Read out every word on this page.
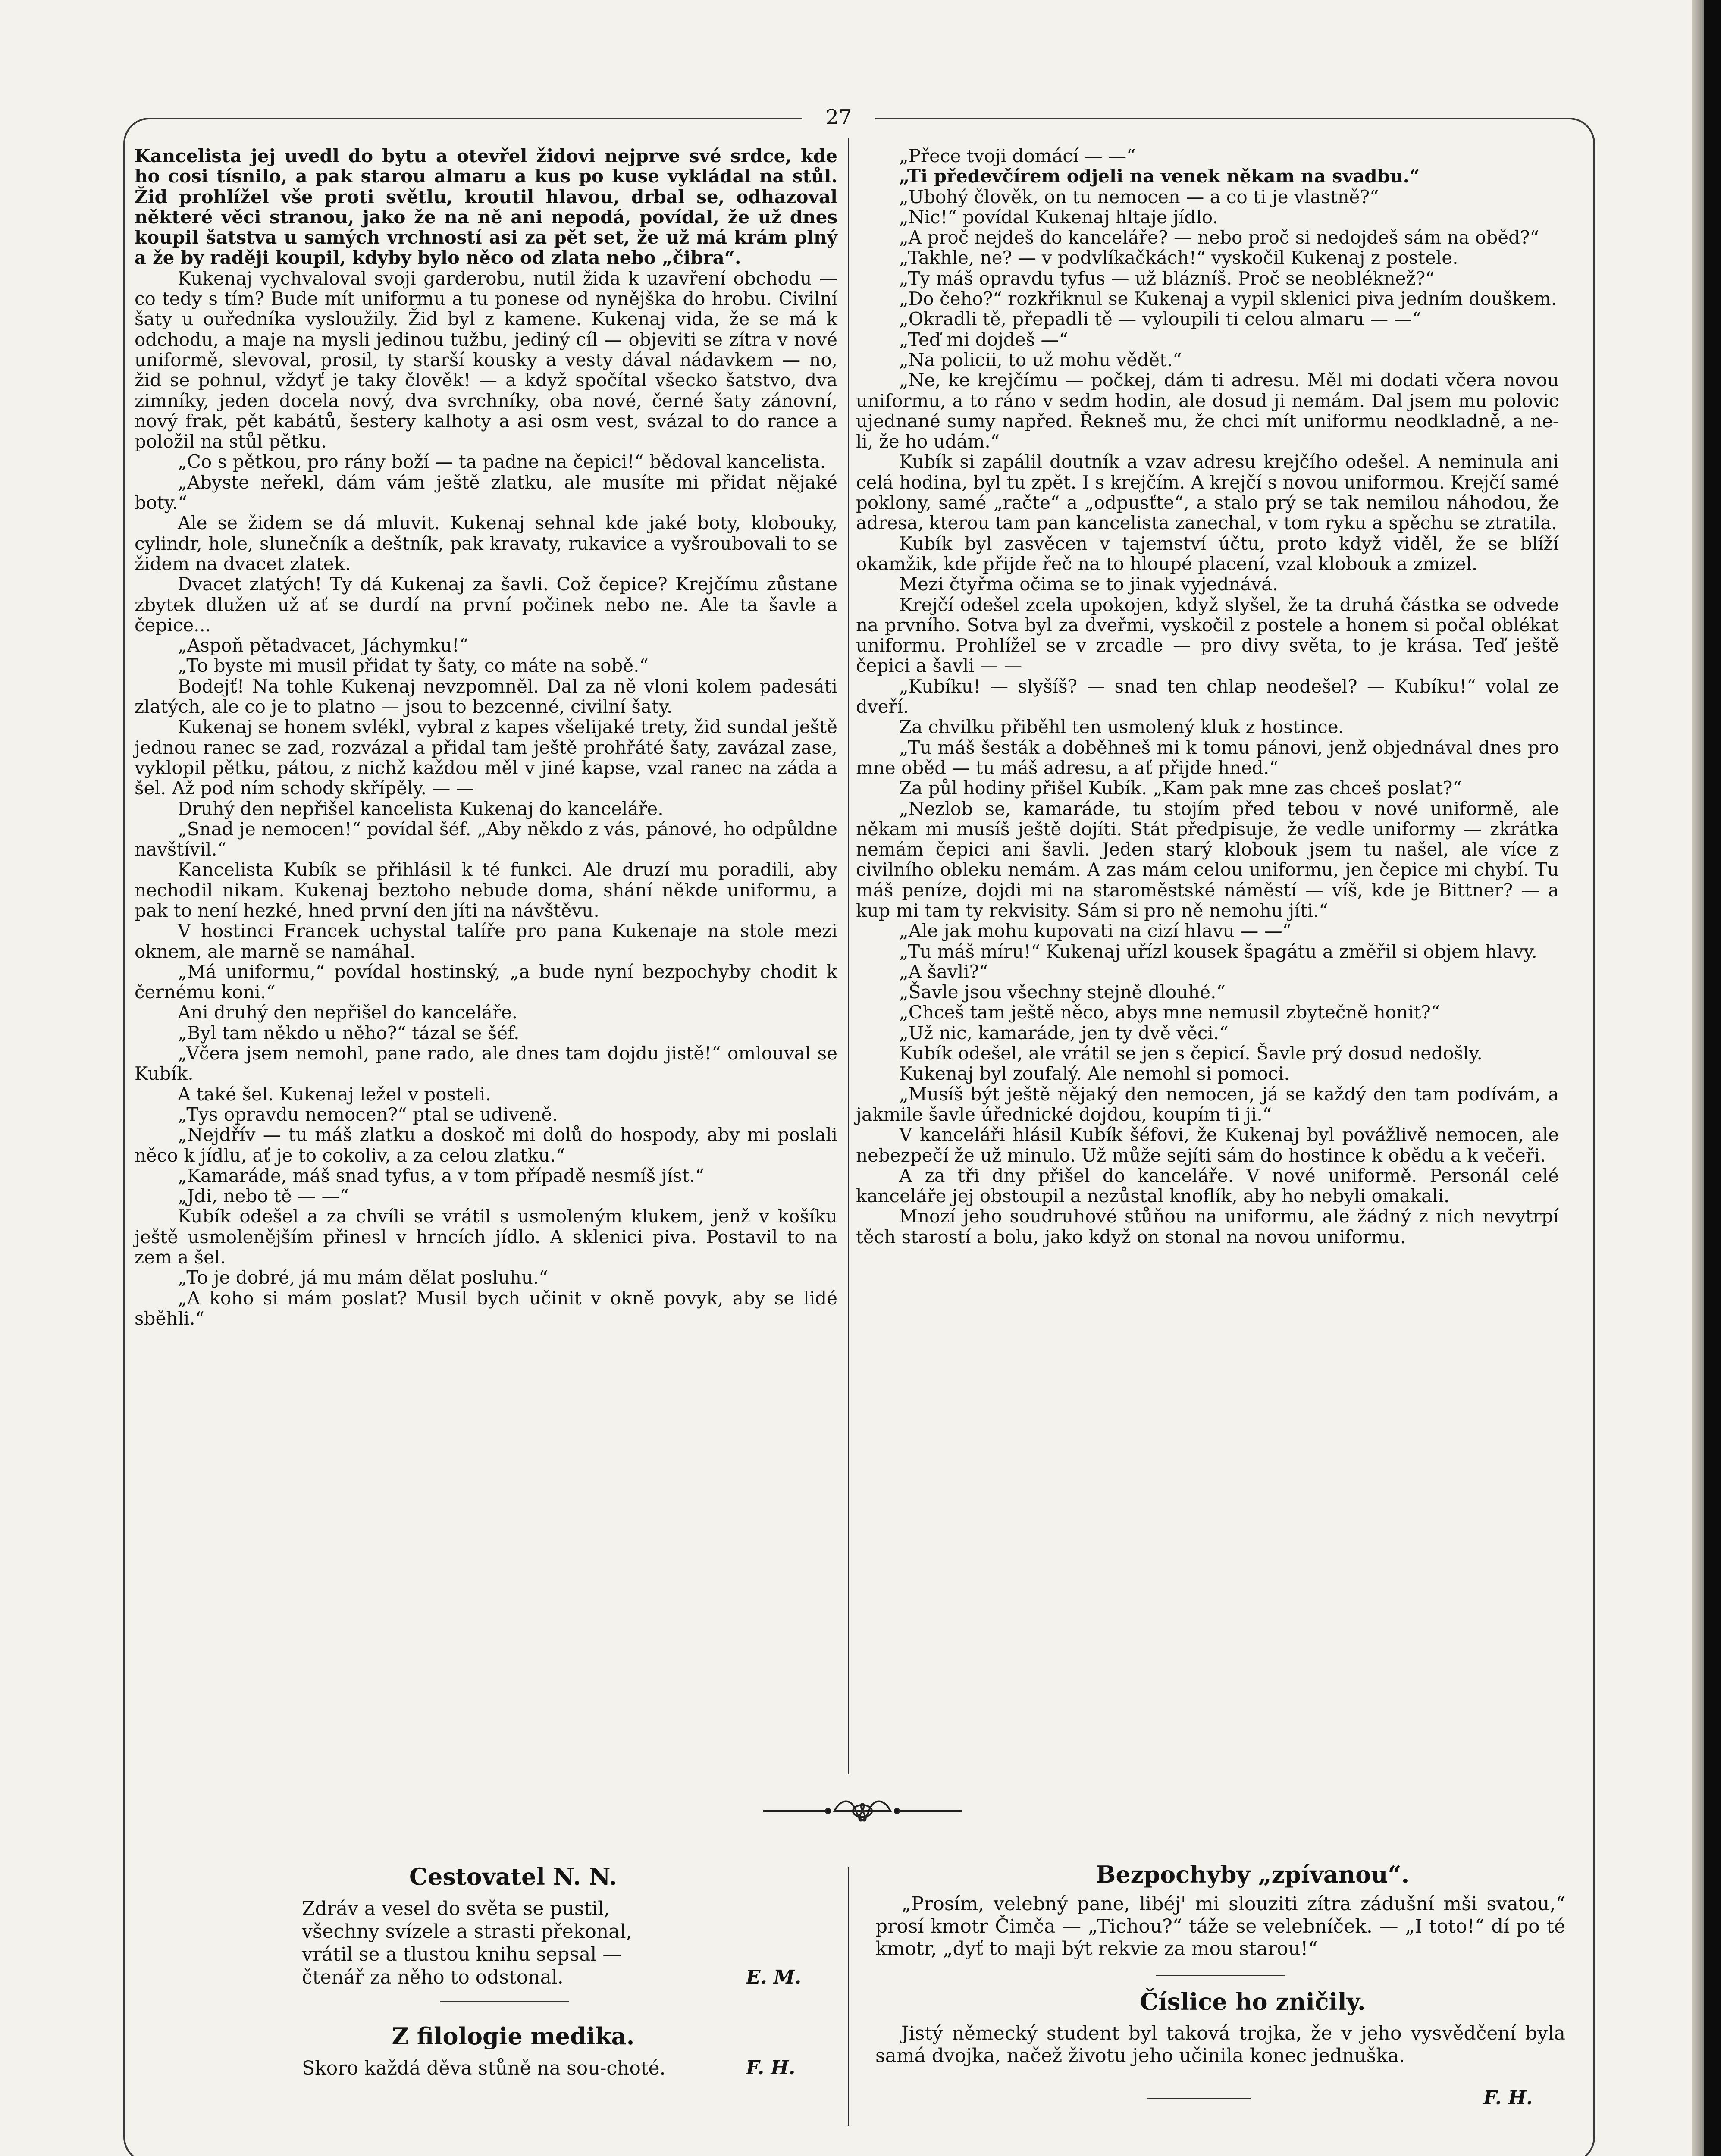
27

Kancelista jej uvedl do bytu a otevřel židovi nejprve své srdce, kde ho cosi tísnilo, a pak starou almaru a kus po kuse vykládal na stůl. Žid prohlížel vše proti světlu, kroutil hlavou, drbal se, odhazoval některé věci stranou, jako že na ně ani nepodá, povídal, že už dnes koupil šatstva u samých vrchností asi za pět set, že už má krám plný a že by raději koupil, kdyby bylo něco od zlata nebo „čibra“.

Kukenaj vychvaloval svoji garderobu, nutil žida k uzavření obchodu — co tedy s tím? Bude mít uniformu a tu ponese od nynějška do hrobu. Civilní šaty u ouředníka vysloužily. Žid byl z kamene. Kukenaj vida, že se má k odchodu, a maje na mysli jedinou tužbu, jediný cíl — objeviti se zítra v nové uniformě, slevoval, prosil, ty starší kousky a vesty dával nádavkem — no, žid se pohnul, vždyť je taky člověk! — a když spočítal všecko šatstvo, dva zimníky, jeden docela nový, dva svrchníky, oba nové, černé šaty zánovní, nový frak, pět kabátů, šestery kalhoty a asi osm vest, svázal to do rance a položil na stůl pětku.

„Co s pětkou, pro rány boží — ta padne na čepici!“ bědoval kancelista.

„Abyste neřekl, dám vám ještě zlatku, ale musíte mi přidat nějaké boty.“

Ale se židem se dá mluvit. Kukenaj sehnal kde jaké boty, klobouky, cylindr, hole, slunečník a deštník, pak kravaty, rukavice a vyšroubovali to se židem na dvacet zlatek.

Dvacet zlatých! Ty dá Kukenaj za šavli. Což čepice? Krejčímu zůstane zbytek dlužen už ať se durdí na první počinek nebo ne. Ale ta šavle a čepice...

„Aspoň pětadvacet, Jáchymku!“

„To byste mi musil přidat ty šaty, co máte na sobě.“

Bodejť! Na tohle Kukenaj nevzpomněl. Dal za ně vloni kolem padesáti zlatých, ale co je to platno — jsou to bezcenné, civilní šaty.

Kukenaj se honem svlékl, vybral z kapes všelijaké trety, žid sundal ještě jednou ranec se zad, rozvázal a přidal tam ještě prohřáté šaty, zavázal zase, vyklopil pětku, pátou, z nichž každou měl v jiné kapse, vzal ranec na záda a šel. Až pod ním schody skřípěly. — —

Druhý den nepřišel kancelista Kukenaj do kanceláře.

„Snad je nemocen!“ povídal šéf. „Aby někdo z vás, pánové, ho odpůldne navštívil.“

Kancelista Kubík se přihlásil k té funkci. Ale druzí mu poradili, aby nechodil nikam. Kukenaj beztoho nebude doma, shání někde uniformu, a pak to není hezké, hned první den jíti na návštěvu.

V hostinci Francek uchystal talíře pro pana Kukenaje na stole mezi oknem, ale marně se namáhal.

„Má uniformu,“ povídal hostinský, „a bude nyní bezpochyby chodit k černému koni.“

Ani druhý den nepřišel do kanceláře.

„Byl tam někdo u něho?“ tázal se šéf.

„Včera jsem nemohl, pane rado, ale dnes tam dojdu jistě!“ omlouval se Kubík.

A také šel. Kukenaj ležel v posteli.

„Tys opravdu nemocen?“ ptal se udiveně.

„Nejdřív — tu máš zlatku a doskoč mi dolů do hospody, aby mi poslali něco k jídlu, ať je to cokoliv, a za celou zlatku.“

„Kamaráde, máš snad tyfus, a v tom případě nesmíš jíst.“

„Jdi, nebo tě — —“

Kubík odešel a za chvíli se vrátil s usmoleným klukem, jenž v košíku ještě usmolenějším přinesl v hrncích jídlo. A sklenici piva. Postavil to na zem a šel.

„To je dobré, já mu mám dělat posluhu.“

„A koho si mám poslat? Musil bych učinit v okně povyk, aby se lidé sběhli.“

„Přece tvoji domácí — —“

„Ti předevčírem odjeli na venek někam na svadbu.“

„Ubohý člověk, on tu nemocen — a co ti je vlastně?“

„Nic!“ povídal Kukenaj hltaje jídlo.

„A proč nejdeš do kanceláře? — nebo proč si nedojdeš sám na oběd?“

„Takhle, ne? — v podvlíkačkách!“ vyskočil Kukenaj z postele.

„Ty máš opravdu tyfus — už blázníš. Proč se neobléknež?“

„Do čeho?“ rozkřiknul se Kukenaj a vypil sklenici piva jedním douškem.

„Okradli tě, přepadli tě — vyloupili ti celou almaru — —“

„Teď mi dojdeš —“

„Na policii, to už mohu vědět.“

„Ne, ke krejčímu — počkej, dám ti adresu. Měl mi dodati včera novou uniformu, a to ráno v sedm hodin, ale dosud ji nemám. Dal jsem mu polovic ujednané sumy napřed. Řekneš mu, že chci mít uniformu neodkladně, a ne-li, že ho udám.“

Kubík si zapálil doutník a vzav adresu krejčího odešel. A neminula ani celá hodina, byl tu zpět. I s krejčím. A krejčí s novou uniformou. Krejčí samé poklony, samé „račte“ a „odpusťte“, a stalo prý se tak nemilou náhodou, že adresa, kterou tam pan kancelista zanechal, v tom ryku a spěchu se ztratila.

Kubík byl zasvěcen v tajemství účtu, proto když viděl, že se blíží okamžik, kde přijde řeč na to hloupé placení, vzal klobouk a zmizel.

Mezi čtyřma očima se to jinak vyjednává.

Krejčí odešel zcela upokojen, když slyšel, že ta druhá částka se odvede na prvního. Sotva byl za dveřmi, vyskočil z postele a honem si počal oblékat uniformu. Prohlížel se v zrcadle — pro divy světa, to je krása. Teď ještě čepici a šavli — —

„Kubíku! — slyšíš? — snad ten chlap neodešel? — Kubíku!“ volal ze dveří.

Za chvilku přiběhl ten usmolený kluk z hostince.

„Tu máš šesták a doběhneš mi k tomu pánovi, jenž objednával dnes pro mne oběd — tu máš adresu, a ať přijde hned.“

Za půl hodiny přišel Kubík. „Kam pak mne zas chceš poslat?“

„Nezlob se, kamaráde, tu stojím před tebou v nové uniformě, ale někam mi musíš ještě dojíti. Stát předpisuje, že vedle uniformy — zkrátka nemám čepici ani šavli. Jeden starý klobouk jsem tu našel, ale více z civilního obleku nemám. A zas mám celou uniformu, jen čepice mi chybí. Tu máš peníze, dojdi mi na staroměstské náměstí — víš, kde je Bittner? — a kup mi tam ty rekvisity. Sám si pro ně nemohu jíti.“

„Ale jak mohu kupovati na cizí hlavu — —“

„Tu máš míru!“ Kukenaj uřízl kousek špagátu a změřil si objem hlavy.

„A šavli?“

„Šavle jsou všechny stejně dlouhé.“

„Chceš tam ještě něco, abys mne nemusil zbytečně honit?“

„Už nic, kamaráde, jen ty dvě věci.“

Kubík odešel, ale vrátil se jen s čepicí. Šavle prý dosud nedošly.

Kukenaj byl zoufalý. Ale nemohl si pomoci.

„Musíš být ještě nějaký den nemocen, já se každý den tam podívám, a jakmile šavle úřednické dojdou, koupím ti ji.“

V kanceláři hlásil Kubík šéfovi, že Kukenaj byl povážlivě nemocen, ale nebezpečí že už minulo. Už může sejíti sám do hostince k obědu a k večeři.

A za tři dny přišel do kanceláře. V nové uniformě. Personál celé kanceláře jej obstoupil a nezůstal knoflík, aby ho nebyli omakali.

Mnozí jeho soudruhové stůňou na uniformu, ale žádný z nich nevytrpí těch starostí a bolu, jako když on stonal na novou uniformu.

Cestovatel N. N.
Zdráv a vesel do světa se pustil,
všechny svízele a strasti překonal,
vrátil se a tlustou knihu sepsal —
čtenář za něho to odstonal.	E. M.
Z filologie medika.
Skoro každá děva stůně na sou-choté.	F. H.
Bezpochyby „zpívanou“.

„Prosím, velebný pane, libéj' mi slouziti zítra zádušní mši svatou,“ prosí kmotr Čimča — „Tichou?“ táže se velebníček. — „I toto!“ dí po té kmotr, „dyť to maji být rekvie za mou starou!“

Číslice ho zničily.

Jistý německý student byl taková trojka, že v jeho vysvědčení byla samá dvojka, načež životu jeho učinila konec jednuška.

F. H.
